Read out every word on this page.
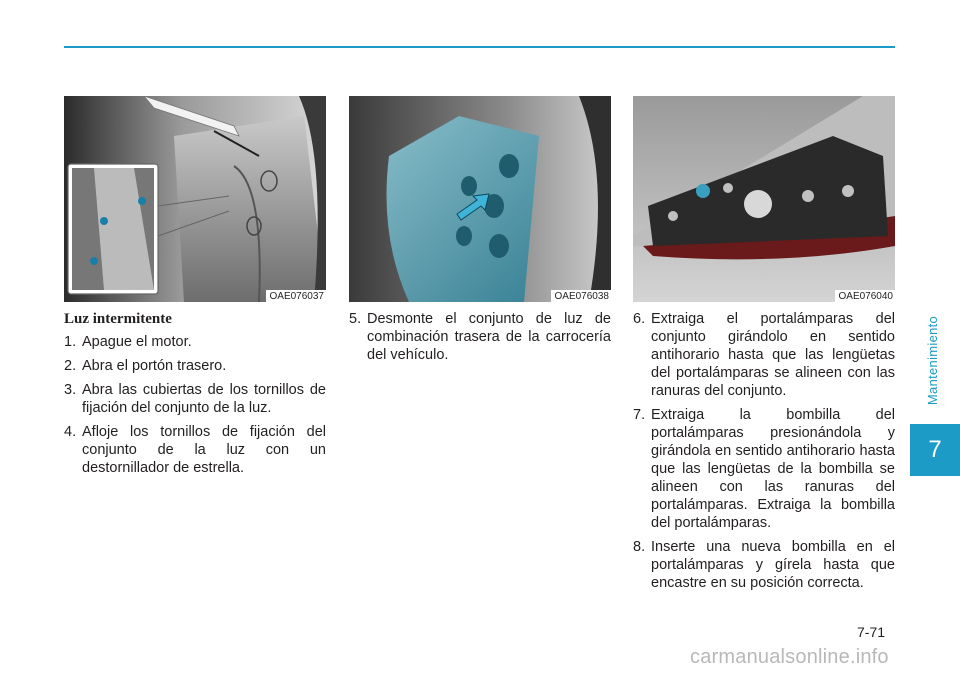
OAE076037	OAE076038	OAE076040
Luz intermitente
1. Apague el motor.
2. Abra el portón trasero.
3. Abra las cubiertas de los tornillos de fijación del conjunto de la luz.
4. Afloje los tornillos de fijación del conjunto de la luz con un destornillador de estrella.
5. Desmonte el conjunto de luz de combinación trasera de la carrocería del vehículo.
6. Extraiga el portalámparas del conjunto girándolo en sentido antihorario hasta que las lengüetas del portalámparas se alineen con las ranuras del conjunto.
7. Extraiga la bombilla del portalámparas presionándola y girándola en sentido antihorario hasta que las lengüetas de la bombilla se alineen con las ranuras del portalámparas. Extraiga la bombilla del portalámparas.
8. Inserte una nueva bombilla en el portalámparas y gírela hasta que encastre en su posición correcta.
Mantenimiento
7
7-71
carmanualsonline.info
